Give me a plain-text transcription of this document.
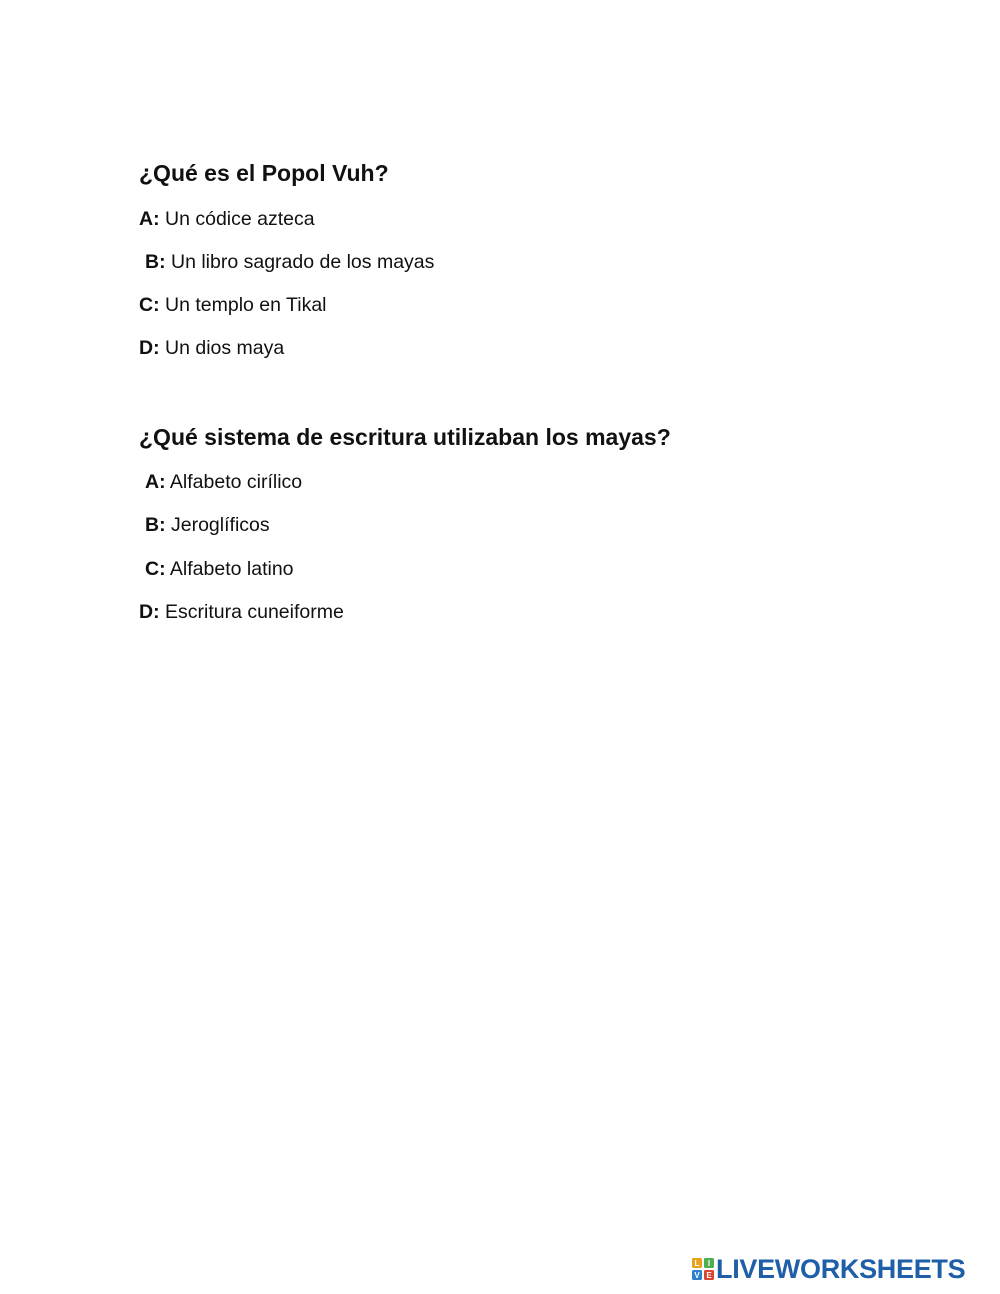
¿Qué es el Popol Vuh?
A: Un códice azteca
B: Un libro sagrado de los mayas
C: Un templo en Tikal
D: Un dios maya
¿Qué sistema de escritura utilizaban los mayas?
A: Alfabeto cirílico
B: Jeroglíficos
C: Alfabeto latino
D: Escritura cuneiforme
L I
V E LIVEWORKSHEETS
